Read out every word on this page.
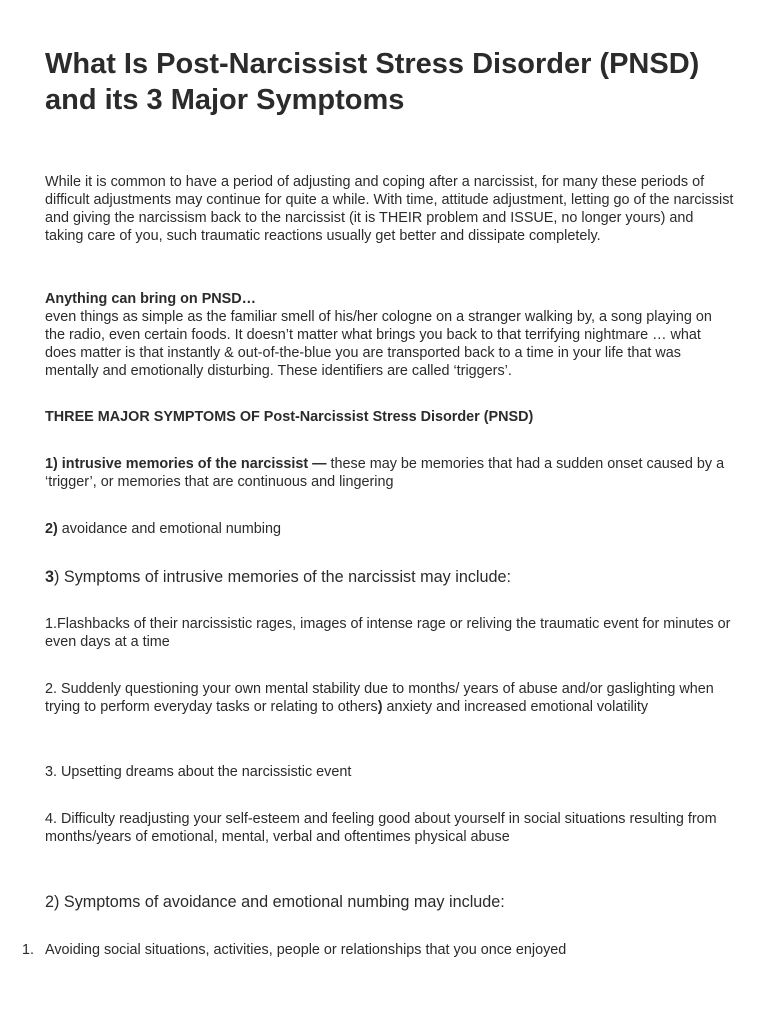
What Is Post-Narcissist Stress Disorder (PNSD) and its 3 Major Symptoms

While it is common to have a period of adjusting and coping after a narcissist, for many these periods of difficult adjustments may continue for quite a while. With time, attitude adjustment, letting go of the narcissist and giving the narcissism back to the narcissist (it is THEIR problem and ISSUE, no longer yours) and taking care of you, such traumatic reactions usually get better and dissipate completely.

Anything can bring on PNSD…
even things as simple as the familiar smell of his/her cologne on a stranger walking by, a song playing on the radio, even certain foods. It doesn’t matter what brings you back to that terrifying nightmare … what does matter is that instantly & out-of-the-blue you are transported back to a time in your life that was mentally and emotionally disturbing. These identifiers are called ‘triggers’.

THREE MAJOR SYMPTOMS OF Post-Narcissist Stress Disorder (PNSD)

1) intrusive memories of the narcissist — these may be memories that had a sudden onset caused by a ‘trigger’, or memories that are continuous and lingering

2) avoidance and emotional numbing

3) Symptoms of intrusive memories of the narcissist may include:

1.Flashbacks of their narcissistic rages, images of intense rage or reliving the traumatic event for minutes or even days at a time

2. Suddenly questioning your own mental stability due to months/ years of abuse and/or gaslighting when trying to perform everyday tasks or relating to others) anxiety and increased emotional volatility

3. Upsetting dreams about the narcissistic event

4. Difficulty readjusting your self-esteem and feeling good about yourself in social situations resulting from months/years of emotional, mental, verbal and oftentimes physical abuse

2) Symptoms of avoidance and emotional numbing may include:

1. Avoiding social situations, activities, people or relationships that you once enjoyed
